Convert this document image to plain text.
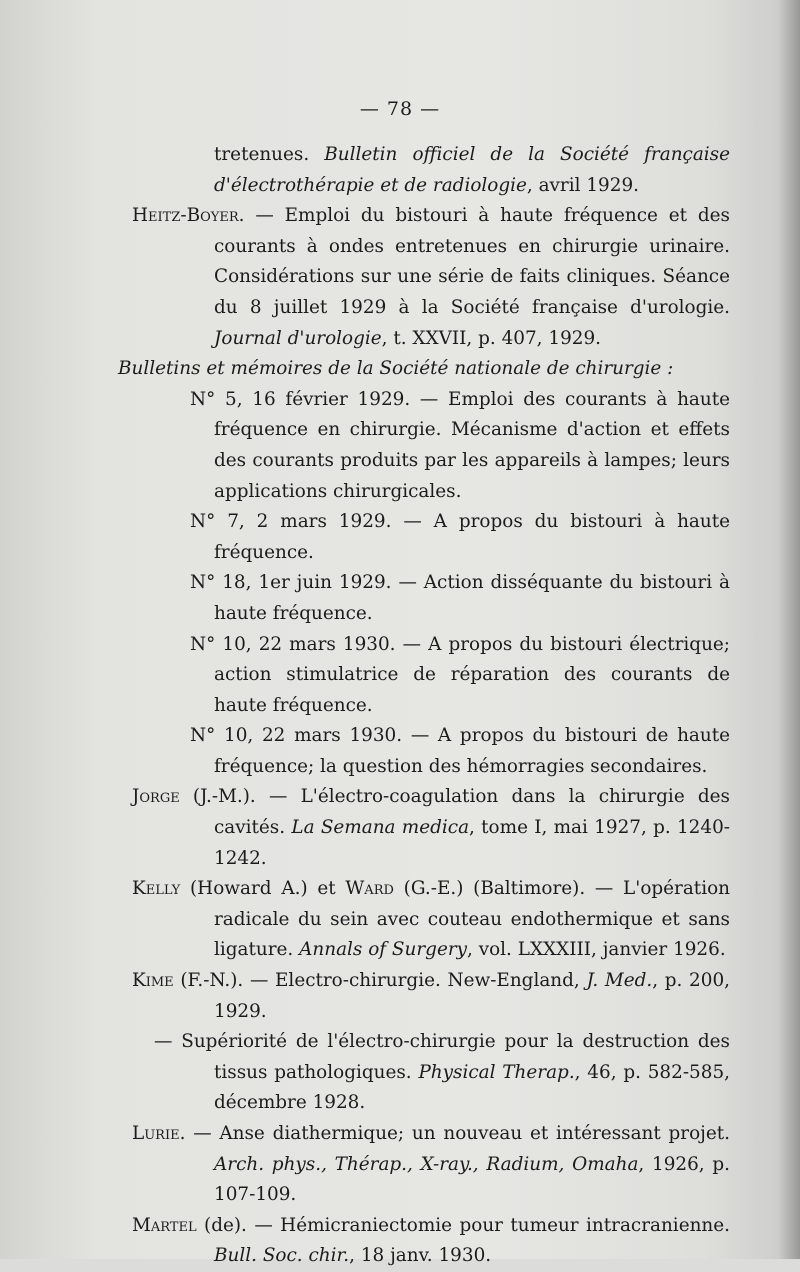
— 78 —

tretenues. Bulletin officiel de la Société française d'électrothérapie et de radiologie, avril 1929.

Heitz-Boyer. — Emploi du bistouri à haute fréquence et des courants à ondes entretenues en chirurgie urinaire. Considérations sur une série de faits cliniques. Séance du 8 juillet 1929 à la Société française d'urologie. Journal d'urologie, t. XXVII, p. 407, 1929.

Bulletins et mémoires de la Société nationale de chirurgie :

N° 5, 16 février 1929. — Emploi des courants à haute fréquence en chirurgie. Mécanisme d'action et effets des courants produits par les appareils à lampes; leurs applications chirurgicales.

N° 7, 2 mars 1929. — A propos du bistouri à haute fréquence.

N° 18, 1er juin 1929. — Action disséquante du bistouri à haute fréquence.

N° 10, 22 mars 1930. — A propos du bistouri électrique; action stimulatrice de réparation des courants de haute fréquence.

N° 10, 22 mars 1930. — A propos du bistouri de haute fréquence; la question des hémorragies secondaires.

Jorge (J.-M.). — L'électro-coagulation dans la chirurgie des cavités. La Semana medica, tome I, mai 1927, p. 1240-1242.

Kelly (Howard A.) et Ward (G.-E.) (Baltimore). — L'opération radicale du sein avec couteau endothermique et sans ligature. Annals of Surgery, vol. LXXXIII, janvier 1926.

Kime (F.-N.). — Electro-chirurgie. New-England, J. Med., p. 200, 1929.

— Supériorité de l'électro-chirurgie pour la destruction des tissus pathologiques. Physical Therap., 46, p. 582-585, décembre 1928.

Lurie. — Anse diathermique; un nouveau et intéressant projet. Arch. phys., Thérap., X-ray., Radium, Omaha, 1926, p. 107-109.

Martel (de). — Hémicraniectomie pour tumeur intracranienne. Bull. Soc. chir., 18 janv. 1930.
